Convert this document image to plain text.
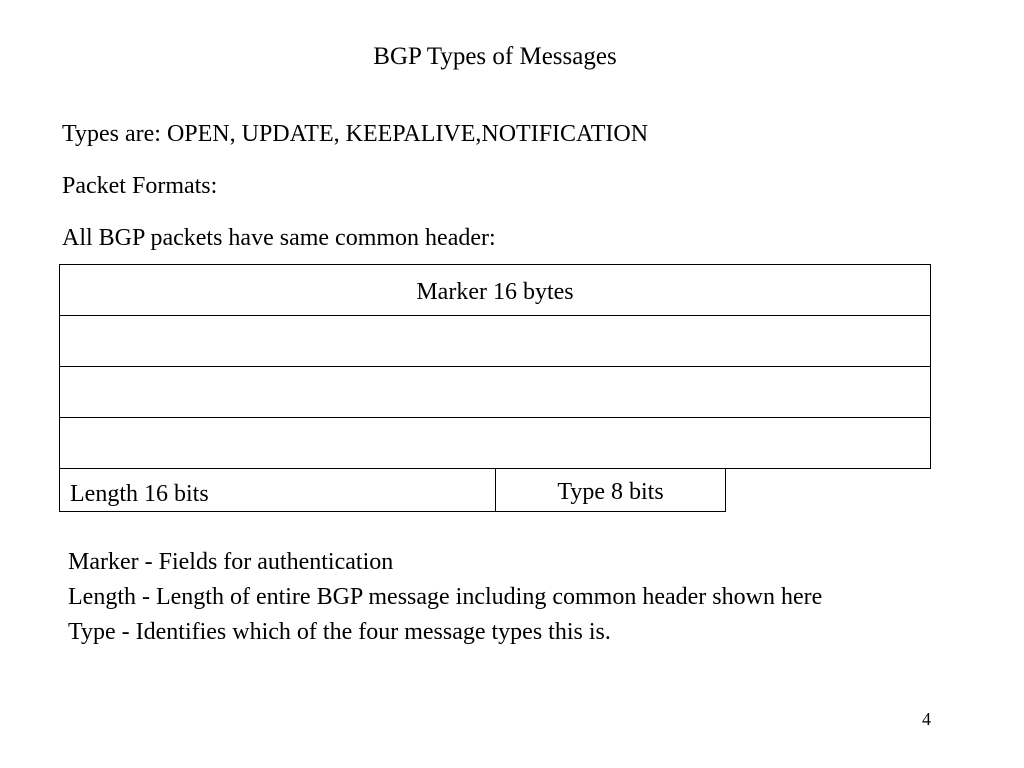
BGP Types of Messages
Types are: OPEN, UPDATE, KEEPALIVE,NOTIFICATION
Packet Formats:
All BGP packets have same common header:
Marker 16 bytes
Length 16 bits	Type 8 bits
Marker - Fields for authentication
Length - Length of entire BGP message including common header shown here
Type - Identifies which of the four message types this is.
4
